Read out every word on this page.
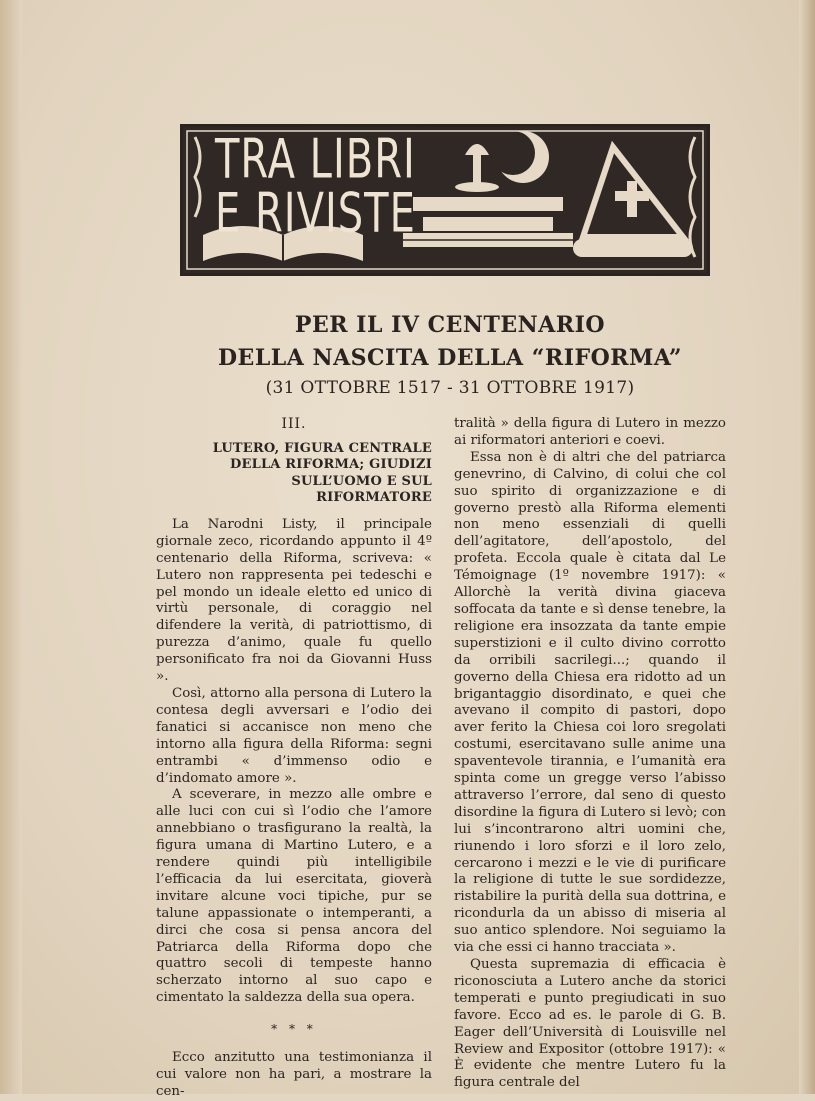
TRA LIBRI
E RIVISTE
PER IL IV CENTENARIO
DELLA NASCITA DELLA “RIFORMA”
(31 OTTOBRE 1517 - 31 OTTOBRE 1917)
III.
LUTERO, FIGURA CENTRALE DELLA RIFORMA; GIUDIZI SULL’UOMO E SUL RIFORMATORE

La Narodni Listy, il principale giornale zeco, ricordando appunto il 4º centenario della Riforma, scriveva: « Lutero non rappresenta pei tedeschi e pel mondo un ideale eletto ed unico di virtù personale, di coraggio nel difendere la verità, di patriottismo, di purezza d’animo, quale fu quello personificato fra noi da Giovanni Huss ».

Così, attorno alla persona di Lutero la contesa degli avversari e l’odio dei fanatici si accanisce non meno che intorno alla figura della Riforma: segni entrambi « d’immenso odio e d’indomato amore ».

A sceverare, in mezzo alle ombre e alle luci con cui sì l’odio che l’amore annebbiano o trasfigurano la realtà, la figura umana di Martino Lutero, e a rendere quindi più intelligibile l’efficacia da lui esercitata, gioverà invitare alcune voci tipiche, pur se talune appassionate o intemperanti, a dirci che cosa si pensa ancora del Patriarca della Riforma dopo che quattro secoli di tempeste hanno scherzato intorno al suo capo e cimentato la saldezza della sua opera.

* * *

Ecco anzitutto una testimonianza il cui valore non ha pari, a mostrare la cen-

tralità » della figura di Lutero in mezzo ai riformatori anteriori e coevi.

Essa non è di altri che del patriarca genevrino, di Calvino, di colui che col suo spirito di organizzazione e di governo prestò alla Riforma elementi non meno essenziali di quelli dell’agitatore, dell’apostolo, del profeta. Eccola quale è citata dal Le Témoignage (1º novembre 1917): « Allorchè la verità divina giaceva soffocata da tante e sì dense tenebre, la religione era insozzata da tante empie superstizioni e il culto divino corrotto da orribili sacrilegi...; quando il governo della Chiesa era ridotto ad un brigantaggio disordinato, e quei che avevano il compito di pastori, dopo aver ferito la Chiesa coi loro sregolati costumi, esercitavano sulle anime una spaventevole tirannia, e l’umanità era spinta come un gregge verso l’abisso attraverso l’errore, dal seno di questo disordine la figura di Lutero si levò; con lui s’incontrarono altri uomini che, riunendo i loro sforzi e il loro zelo, cercarono i mezzi e le vie di purificare la religione di tutte le sue sordidezze, ristabilire la purità della sua dottrina, e ricondurla da un abisso di miseria al suo antico splendore. Noi seguiamo la via che essi ci hanno tracciata ».

Questa supremazia di efficacia è riconosciuta a Lutero anche da storici temperati e punto pregiudicati in suo favore. Ecco ad es. le parole di G. B. Eager dell’Università di Louisville nel Review and Expositor (ottobre 1917): « È evidente che mentre Lutero fu la figura centrale del
